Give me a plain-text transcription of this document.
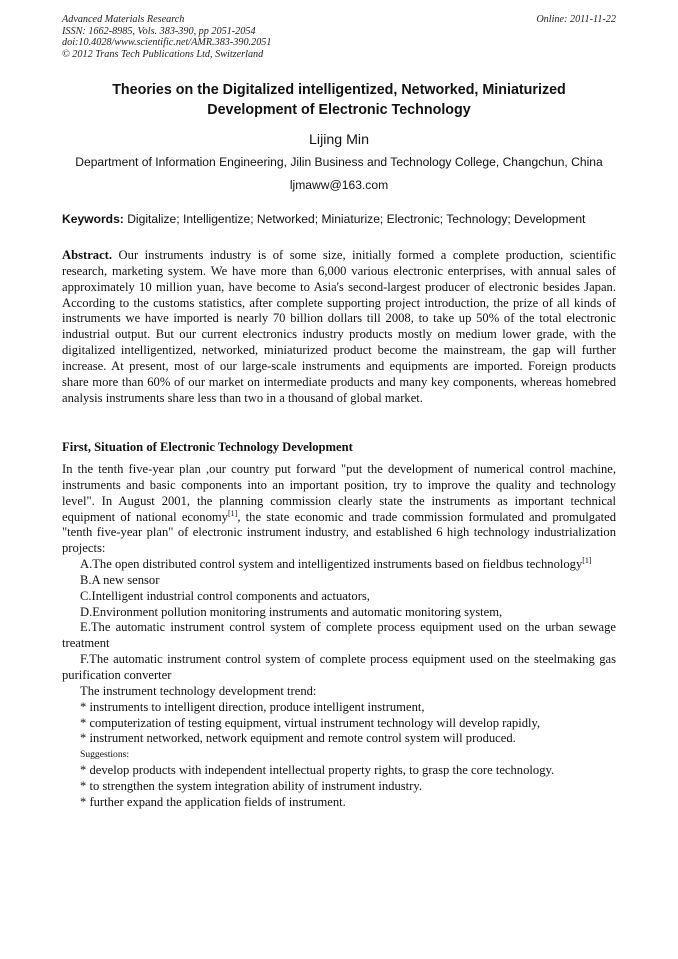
Advanced Materials Research
ISSN: 1662-8985, Vols. 383-390, pp 2051-2054
doi:10.4028/www.scientific.net/AMR.383-390.2051
© 2012 Trans Tech Publications Ltd, Switzerland
Online: 2011-11-22
Theories on the Digitalized intelligentized, Networked, Miniaturized
Development of Electronic Technology
Lijing Min
Department of Information Engineering, Jilin Business and Technology College, Changchun, China
ljmaww@163.com
Keywords: Digitalize; Intelligentize; Networked; Miniaturize; Electronic; Technology; Development

Abstract. Our instruments industry is of some size, initially formed a complete production, scientific research, marketing system. We have more than 6,000 various electronic enterprises, with annual sales of approximately 10 million yuan, have become to Asia's second-largest producer of electronic besides Japan. According to the customs statistics, after complete supporting project introduction, the prize of all kinds of instruments we have imported is nearly 70 billion dollars till 2008, to take up 50% of the total electronic industrial output. But our current electronics industry products mostly on medium lower grade, with the digitalized intelligentized, networked, miniaturized product become the mainstream, the gap will further increase. At present, most of our large-scale instruments and equipments are imported. Foreign products share more than 60% of our market on intermediate products and many key components, whereas homebred analysis instruments share less than two in a thousand of global market.

First, Situation of Electronic Technology Development

In the tenth five-year plan ,our country put forward "put the development of numerical control machine, instruments and basic components into an important position, try to improve the quality and technology level". In August 2001, the planning commission clearly state the instruments as important technical equipment of national economy[1], the state economic and trade commission formulated and promulgated "tenth five-year plan" of electronic instrument industry, and established 6 high technology industrialization projects:

A.The open distributed control system and intelligentized instruments based on fieldbus technology[1]

B.A new sensor

C.Intelligent industrial control components and actuators,

D.Environment pollution monitoring instruments and automatic monitoring system,

E.The automatic instrument control system of complete process equipment used on the urban sewage treatment

F.The automatic instrument control system of complete process equipment used on the steelmaking gas purification converter

The instrument technology development trend:

* instruments to intelligent direction, produce intelligent instrument,

* computerization of testing equipment, virtual instrument technology will develop rapidly,

* instrument networked, network equipment and remote control system will produced.

Suggestions:

* develop products with independent intellectual property rights, to grasp the core technology.

* to strengthen the system integration ability of instrument industry.

* further expand the application fields of instrument.
